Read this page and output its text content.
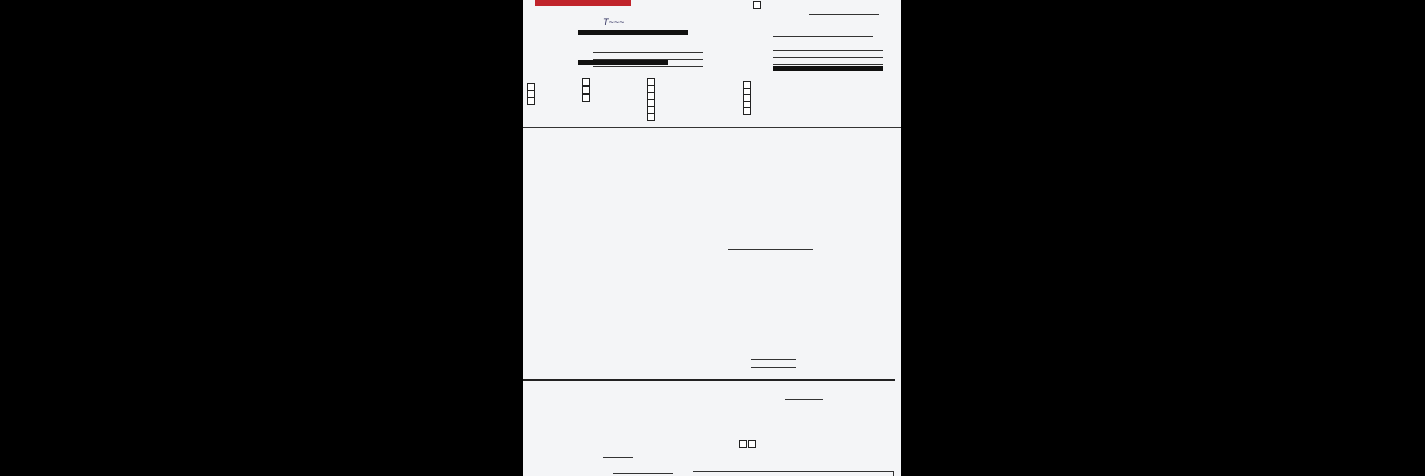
T~~~
